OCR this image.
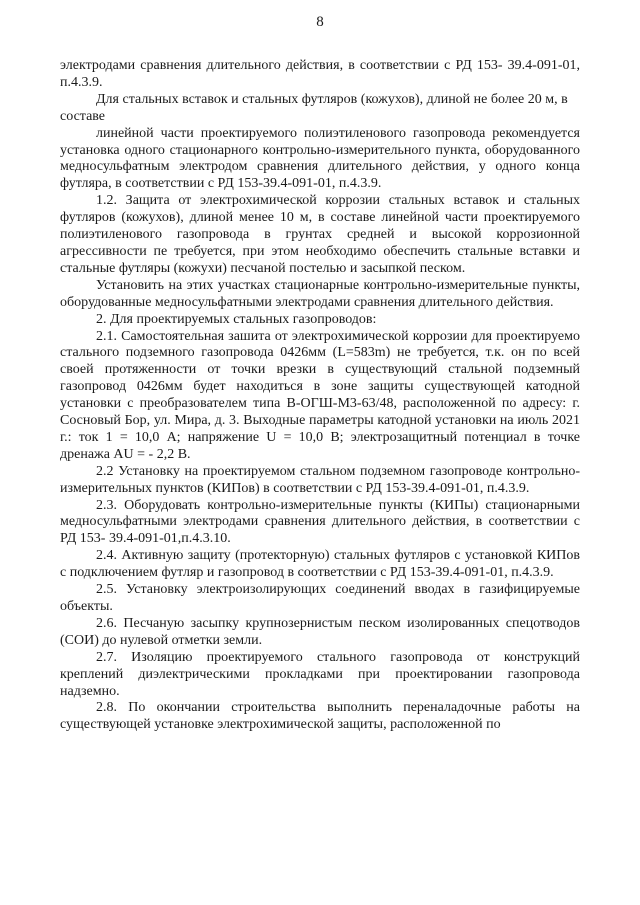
8

электродами сравнения длительного действия, в соответствии с РД 153- 39.4-091-01, п.4.3.9.

Для стальных вставок и стальных футляров (кожухов), длиной не более 20 м, в составе

линейной части проектируемого полиэтиленового газопровода рекомендуется установка одного стационарного контрольно-измерительного пункта, оборудованного медносульфатным электродом сравнения длительного действия, у одного конца футляра, в соответствии с РД 153-39.4-091-01, п.4.3.9.

1.2. Защита от электрохимической коррозии стальных вставок и стальных футляров (кожухов), длиной менее 10 м, в составе линейной части проектируемого полиэтиленового газопровода в грунтах средней и высокой коррозионной агрессивности пе требуется, при этом необходимо обеспечить стальные вставки и стальные футляры (кожухи) песчаной постелью и засыпкой песком.

Установить на этих участках стационарные контрольно-измерительные пункты, оборудованные медносульфатными электродами сравнения длительного действия.

2. Для проектируемых стальных газопроводов:

2.1. Самостоятельная зашита от электрохимической коррозии для проектируемо стального подземного газопровода 0426мм (L=583m) не требуется, т.к. он по всей своей протяженности от точки врезки в существующий стальной подземный газопровод 0426мм будет находиться в зоне защиты существующей катодной установки с преобразователем типа В-ОГШ-М3-63/48, расположенной по адресу: г. Сосновый Бор, ул. Мира, д. 3. Выходные параметры катодной установки на июль 2021 г.: ток 1 = 10,0 А; напряжение U = 10,0 В; электрозащитный потенциал в точке дренажа AU = - 2,2 В.

2.2 Установку на проектируемом стальном подземном газопроводе контрольно-измерительных пунктов (КИПов) в соответствии с РД 153-39.4-091-01, п.4.3.9.

2.3. Оборудовать контрольно-измерительные пункты (КИПы) стационарными медносульфатными электродами сравнения длительного действия, в соответствии с РД 153- 39.4-091-01,п.4.3.10.

2.4. Активную защиту (протекторную) стальных футляров с установкой КИПов с подключением футляр и газопровод в соответствии с РД 153-39.4-091-01, п.4.3.9.

2.5. Установку электроизолирующих соединений вводах в газифицируемые объекты.

2.6. Песчаную засыпку крупнозернистым песком изолированных спецотводов (СОИ) до нулевой отметки земли.

2.7. Изоляцию проектируемого стального газопровода от конструкций креплений диэлектрическими прокладками при проектировании газопровода надземно.

2.8. По окончании строительства выполнить переналадочные работы на существующей установке электрохимической защиты, расположенной по
